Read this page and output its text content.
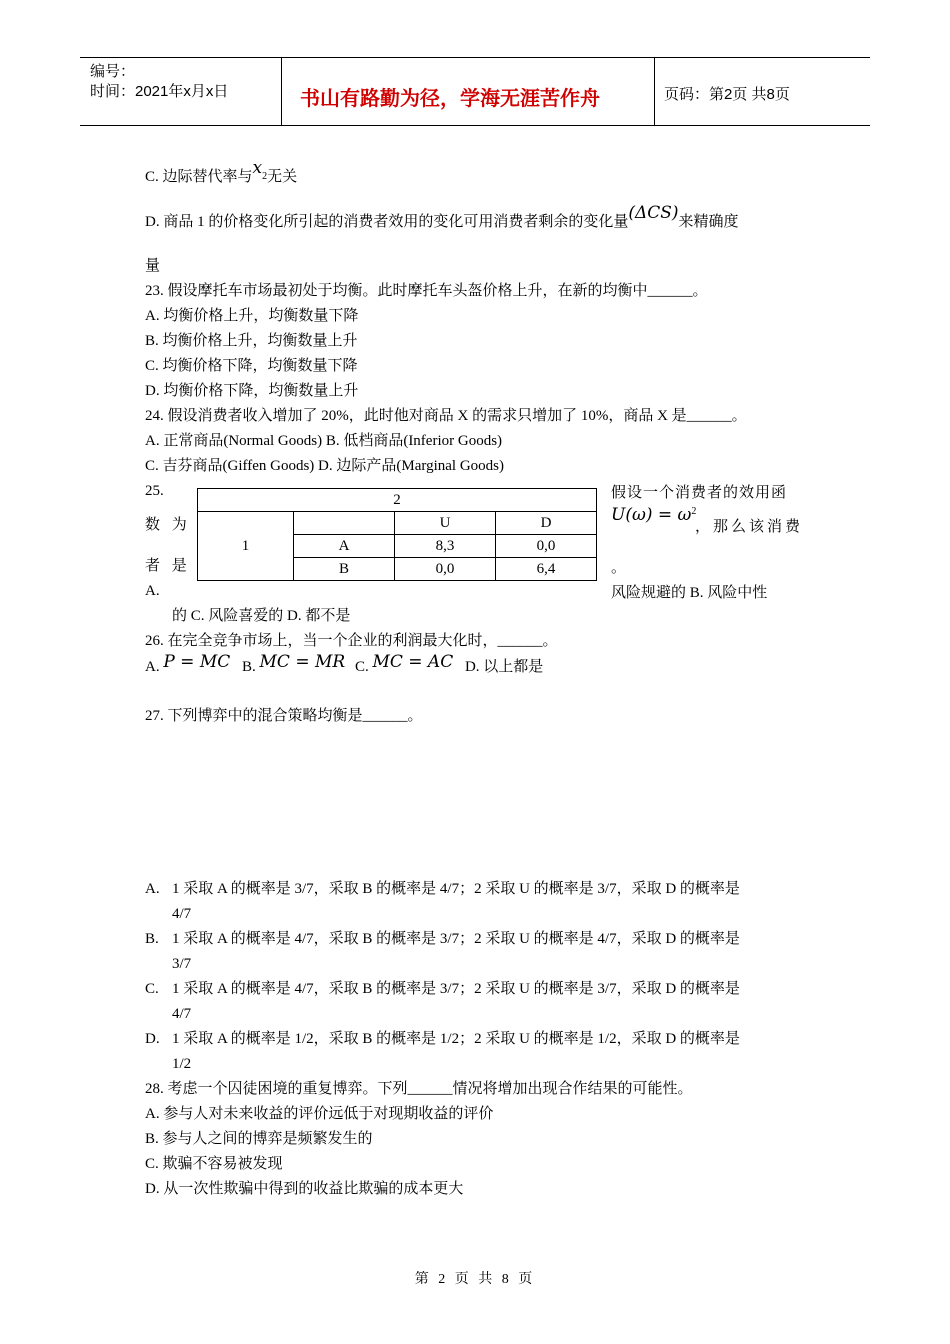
编号：
时间：2021年x月x日	书山有路勤为径，学海无涯苦作舟	页码：第2页 共8页
C. 边际替代率与$x_2$无关
D. 商品 1 的价格变化所引起的消费者效用的变化可用消费者剩余的变化量(ΔCS)来精确度
量
23. 假设摩托车市场最初处于均衡。此时摩托车头盔价格上升，在新的均衡中______。
A. 均衡价格上升，均衡数量下降
B. 均衡价格上升，均衡数量上升
C. 均衡价格下降，均衡数量下降
D. 均衡价格下降，均衡数量上升
24. 假设消费者收入增加了 20%，此时他对商品 X 的需求只增加了 10%，商品 X 是______。
A. 正常商品(Normal Goods) B. 低档商品(Inferior Goods)
C. 吉芬商品(Giffen Goods) D. 边际产品(Marginal Goods)
25.	假设一个消费者的效用函
数 为	$U(\omega) = \omega^2$
，那么该消费
者 是	。
A.	风险规避的 B. 风险中性
的 C. 风险喜爱的 D. 都不是
2			
1		U	D
	A	8,3	0,0
	B	0,0	6,4
26. 在完全竞争市场上，当一个企业的利润最大化时，______。
A. P = MC B. MC = MR C. MC = AC D. 以上都是
27. 下列博弈中的混合策略均衡是______。
A. 1 采取 A 的概率是 3/7，采取 B 的概率是 4/7；2 采取 U 的概率是 3/7，采取 D 的概率是
4/7
B. 1 采取 A 的概率是 4/7，采取 B 的概率是 3/7；2 采取 U 的概率是 4/7，采取 D 的概率是
3/7
C. 1 采取 A 的概率是 4/7，采取 B 的概率是 3/7；2 采取 U 的概率是 3/7，采取 D 的概率是
4/7
D. 1 采取 A 的概率是 1/2，采取 B 的概率是 1/2；2 采取 U 的概率是 1/2，采取 D 的概率是
1/2
28. 考虑一个囚徒困境的重复博弈。下列______情况将增加出现合作结果的可能性。
A. 参与人对未来收益的评价远低于对现期收益的评价
B. 参与人之间的博弈是频繁发生的
C. 欺骗不容易被发现
D. 从一次性欺骗中得到的收益比欺骗的成本更大
第 2 页 共 8 页
